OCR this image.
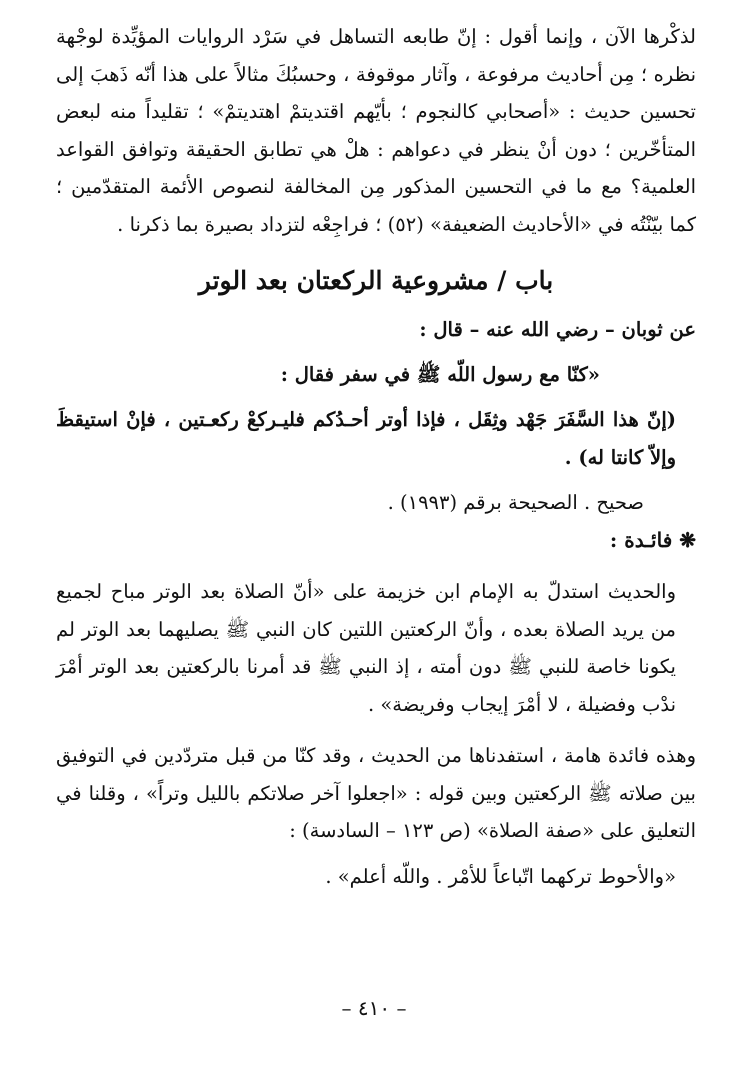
لذكْرها الآن ، وإنما أقول : إنّ طابعه التساهل في سَرْد الروايات المؤيِّدة لوجْهة نظره ؛ مِن أحاديث مرفوعة ، وآثار موقوفة ، وحسبُكَ مثالاً على هذا أنّه ذَهبَ إلى تحسين حديث : «أصحابي كالنجوم ؛ بأيّهم اقتديتمْ اهتديتمْ» ؛ تقليداً منه لبعض المتأخّرين ؛ دون أنْ ينظر في دعواهم : هلْ هي تطابق الحقيقة وتوافق القواعد العلمية؟ مع ما في التحسين المذكور مِن المخالفة لنصوص الأئمة المتقدّمين ؛ كما بيّنْتُه في «الأحاديث الضعيفة» (٥٢) ؛ فراجِعْه لتزداد بصيرة بما ذكرنا .

باب / مشروعية الركعتان بعد الوتر

عن ثوبان – رضي الله عنه – قال :

«كنّا مع رسول اللّه ﷺ في سفر فقال :

(إنّ هذا السَّفَرَ جَهْد وثِقَل ، فإذا أوتر أحـدُكم فليـركعْ ركعـتين ، فإنْ استيقظَ وإلاّ كانتا له) .

صحيح . الصحيحة برقم (١٩٩٣) .

❋ فائـدة :

والحديث استدلّ به الإمام ابن خزيمة على «أنّ الصلاة بعد الوتر مباح لجميع من يريد الصلاة بعده ، وأنّ الركعتين اللتين كان النبي ﷺ يصليهما بعد الوتر لم يكونا خاصة للنبي ﷺ دون أمته ، إذ النبي ﷺ قد أمرنا بالركعتين بعد الوتر أمْرَ ندْب وفضيلة ، لا أمْرَ إيجاب وفريضة» .

وهذه فائدة هامة ، استفدناها من الحديث ، وقد كنّا من قبل متردّدين في التوفيق بين صلاته ﷺ الركعتين وبين قوله : «اجعلوا آخر صلاتكم بالليل وتراً» ، وقلنا في التعليق على «صفة الصلاة» (ص ١٢٣ – السادسة) :

«والأحوط تركهما اتّباعاً للأمْر . واللّه أعلم» .

– ٤١٠ –
